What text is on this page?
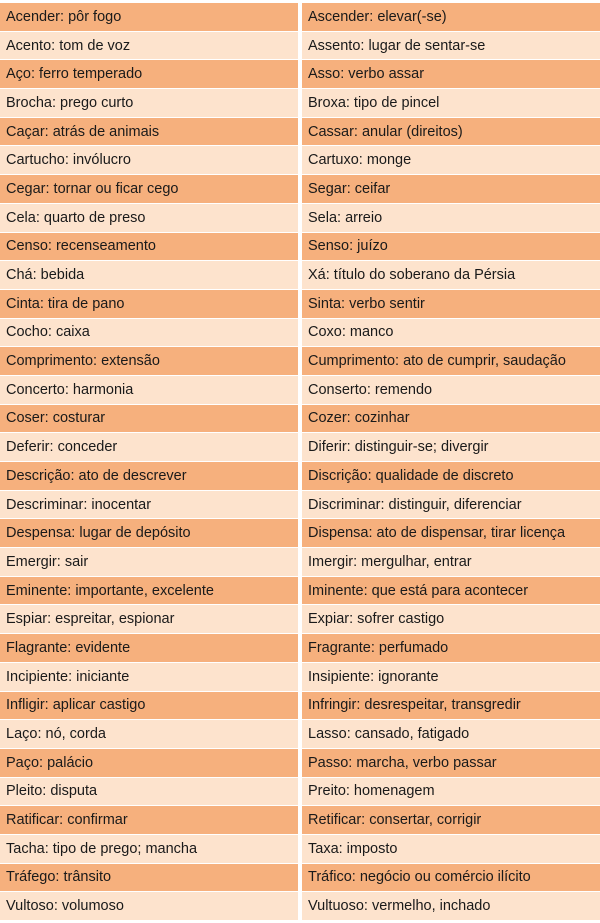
Acender: pôr fogo	Ascender: elevar(-se)
Acento: tom de voz	Assento: lugar de sentar-se
Aço: ferro temperado	Asso: verbo assar
Brocha: prego curto	Broxa: tipo de pincel
Caçar: atrás de animais	Cassar: anular (direitos)
Cartucho: invólucro	Cartuxo: monge
Cegar: tornar ou ficar cego	Segar: ceifar
Cela: quarto de preso	Sela: arreio
Censo: recenseamento	Senso: juízo
Chá: bebida	Xá: título do soberano da Pérsia
Cinta: tira de pano	Sinta: verbo sentir
Cocho: caixa	Coxo: manco
Comprimento: extensão	Cumprimento: ato de cumprir, saudação
Concerto: harmonia	Conserto: remendo
Coser: costurar	Cozer: cozinhar
Deferir: conceder	Diferir: distinguir-se; divergir
Descrição: ato de descrever	Discrição: qualidade de discreto
Descriminar: inocentar	Discriminar: distinguir, diferenciar
Despensa: lugar de depósito	Dispensa: ato de dispensar, tirar licença
Emergir: sair	Imergir: mergulhar, entrar
Eminente: importante, excelente	Iminente: que está para acontecer
Espiar: espreitar, espionar	Expiar: sofrer castigo
Flagrante: evidente	Fragrante: perfumado
Incipiente: iniciante	Insipiente: ignorante
Infligir: aplicar castigo	Infringir: desrespeitar, transgredir
Laço: nó, corda	Lasso: cansado, fatigado
Paço: palácio	Passo: marcha, verbo passar
Pleito: disputa	Preito: homenagem
Ratificar: confirmar	Retificar: consertar, corrigir
Tacha: tipo de prego; mancha	Taxa: imposto
Tráfego: trânsito	Tráfico: negócio ou comércio ilícito
Vultoso: volumoso	Vultuoso: vermelho, inchado
